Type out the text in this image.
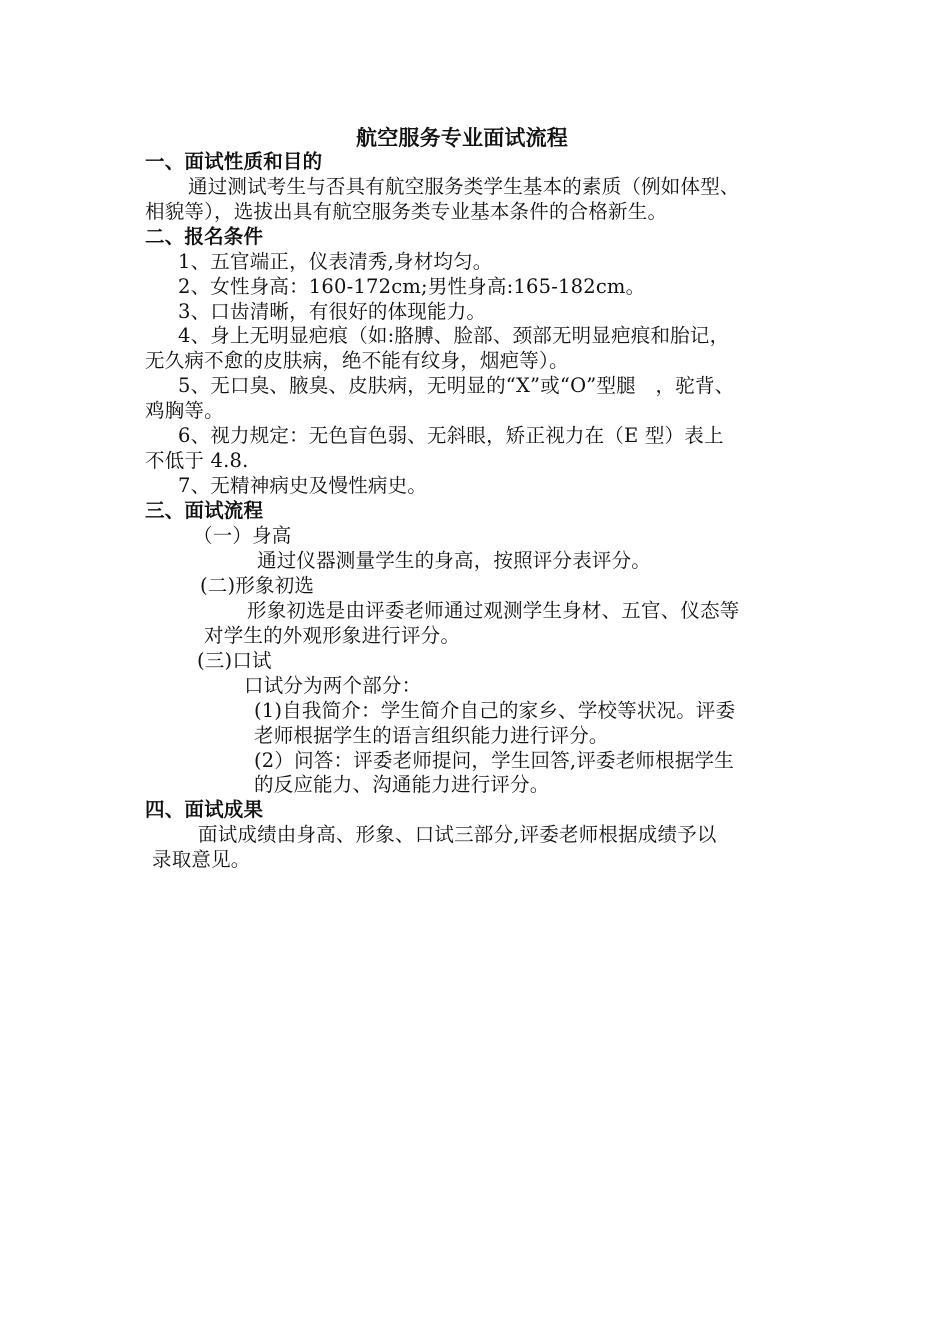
航空服务专业面试流程
一、面试性质和目的
通过测试考生与否具有航空服务类学生基本的素质（例如体型、
相貌等），选拔出具有航空服务类专业基本条件的合格新生。
二、报名条件
1、五官端正，仪表清秀,身材均匀。
2、女性身高：160-172cm;男性身高:165-182cm。
3、口齿清晰，有很好的体现能力。
4、身上无明显疤痕（如:胳膊、脸部、颈部无明显疤痕和胎记，
无久病不愈的皮肤病，绝不能有纹身，烟疤等）。
5、无口臭、腋臭、皮肤病，无明显的“X”或“O”型腿　，驼背、
鸡胸等。
6、视力规定：无色盲色弱、无斜眼，矫正视力在（E 型）表上
不低于 4.8.
7、无精神病史及慢性病史。
三、面试流程
（一）身高
通过仪器测量学生的身高，按照评分表评分。
(二)形象初选
形象初选是由评委老师通过观测学生身材、五官、仪态等
对学生的外观形象进行评分。
(三)口试
口试分为两个部分：
(1)自我简介：学生简介自己的家乡、学校等状况。评委
老师根据学生的语言组织能力进行评分。
(2）问答：评委老师提问，学生回答,评委老师根据学生
的反应能力、沟通能力进行评分。
四、面试成果
面试成绩由身高、形象、口试三部分,评委老师根据成绩予以
录取意见。
